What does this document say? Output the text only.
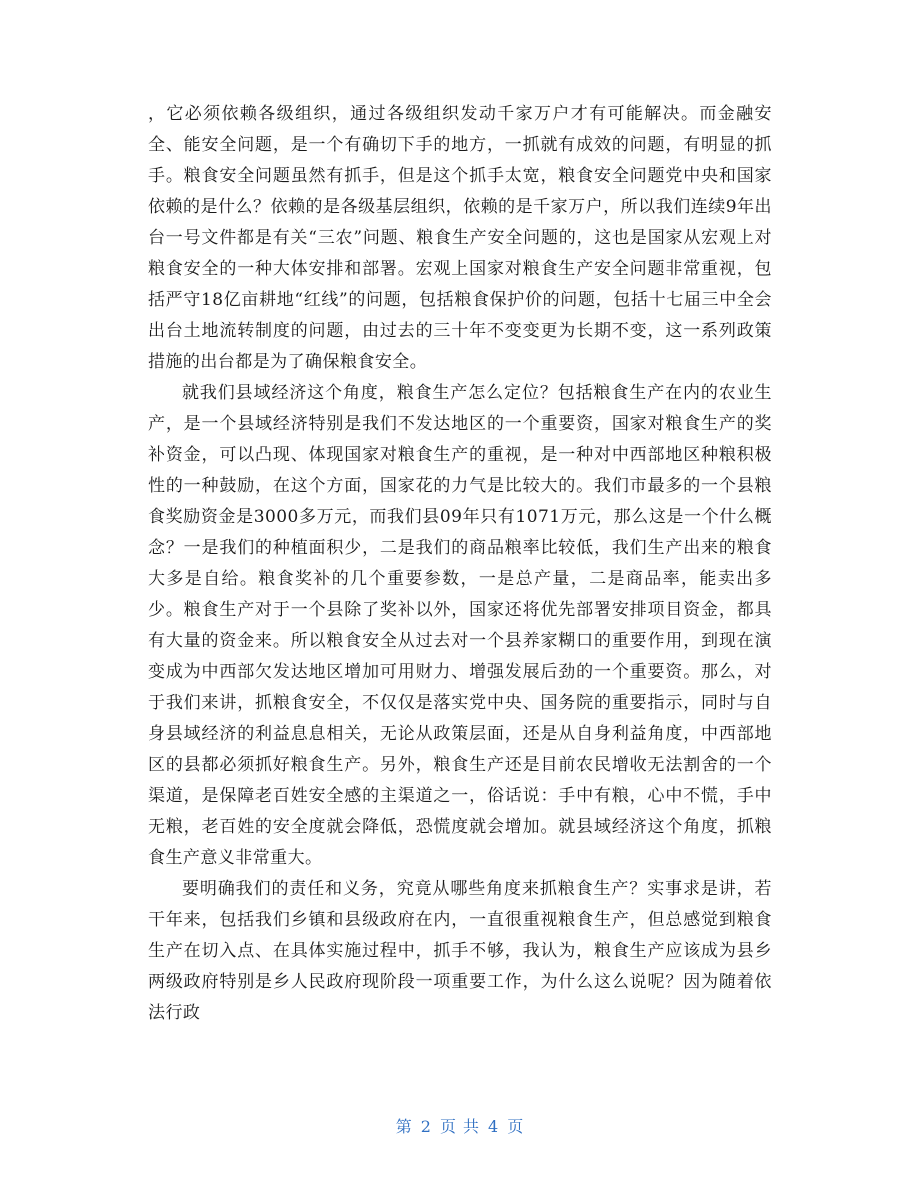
，它必须依赖各级组织，通过各级组织发动千家万户才有可能解决。而金融安全、能安全问题，是一个有确切下手的地方，一抓就有成效的问题，有明显的抓手。粮食安全问题虽然有抓手，但是这个抓手太宽，粮食安全问题党中央和国家依赖的是什么？依赖的是各级基层组织，依赖的是千家万户，所以我们连续9年出台一号文件都是有关“三农”问题、粮食生产安全问题的，这也是国家从宏观上对粮食安全的一种大体安排和部署。宏观上国家对粮食生产安全问题非常重视，包括严守18亿亩耕地“红线”的问题，包括粮食保护价的问题，包括十七届三中全会出台土地流转制度的问题，由过去的三十年不变变更为长期不变，这一系列政策措施的出台都是为了确保粮食安全。

就我们县域经济这个角度，粮食生产怎么定位？包括粮食生产在内的农业生产，是一个县域经济特别是我们不发达地区的一个重要资，国家对粮食生产的奖补资金，可以凸现、体现国家对粮食生产的重视，是一种对中西部地区种粮积极性的一种鼓励，在这个方面，国家花的力气是比较大的。我们市最多的一个县粮食奖励资金是3000多万元，而我们县09年只有1071万元，那么这是一个什么概念？一是我们的种植面积少，二是我们的商品粮率比较低，我们生产出来的粮食大多是自给。粮食奖补的几个重要参数，一是总产量，二是商品率，能卖出多少。粮食生产对于一个县除了奖补以外，国家还将优先部署安排项目资金，都具有大量的资金来。所以粮食安全从过去对一个县养家糊口的重要作用，到现在演变成为中西部欠发达地区增加可用财力、增强发展后劲的一个重要资。那么，对于我们来讲，抓粮食安全，不仅仅是落实党中央、国务院的重要指示，同时与自身县域经济的利益息息相关，无论从政策层面，还是从自身利益角度，中西部地区的县都必须抓好粮食生产。另外，粮食生产还是目前农民增收无法割舍的一个渠道，是保障老百姓安全感的主渠道之一，俗话说：手中有粮，心中不慌，手中无粮，老百姓的安全度就会降低，恐慌度就会增加。就县域经济这个角度，抓粮食生产意义非常重大。

要明确我们的责任和义务，究竟从哪些角度来抓粮食生产？实事求是讲，若干年来，包括我们乡镇和县级政府在内，一直很重视粮食生产，但总感觉到粮食生产在切入点、在具体实施过程中，抓手不够，我认为，粮食生产应该成为县乡两级政府特别是乡人民政府现阶段一项重要工作，为什么这么说呢？因为随着依法行政

第 2 页 共 4 页
